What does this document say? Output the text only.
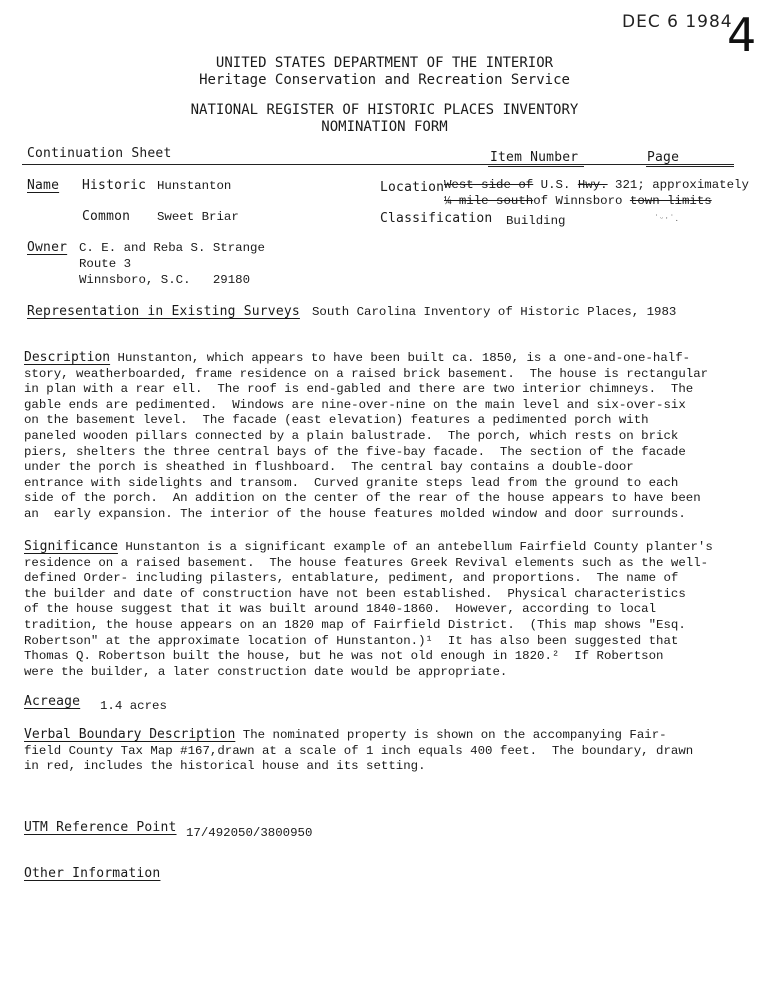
DEC 6 1984
4
UNITED STATES DEPARTMENT OF THE INTERIOR
Heritage Conservation and Recreation Service
NATIONAL REGISTER OF HISTORIC PLACES INVENTORY
NOMINATION FORM
Continuation Sheet	Item Number	Page
Name Historic Hunstanton
Common Sweet Briar
Location West side of U.S. Hwy. 321; approximately
¼ mile southof Winnsboro town limits
Classification Building	˙ ᵕ · ˙ .
Owner C. E. and Reba S. Strange
Route 3
Winnsboro, S.C.   29180
Representation in Existing Surveys South Carolina Inventory of Historic Places, 1983
Description Hunstanton, which appears to have been built ca. 1850, is a one-and-one-half-
story, weatherboarded, frame residence on a raised brick basement.  The house is rectangular
in plan with a rear ell.  The roof is end-gabled and there are two interior chimneys.  The
gable ends are pedimented.  Windows are nine-over-nine on the main level and six-over-six
on the basement level.  The facade (east elevation) features a pedimented porch with
paneled wooden pillars connected by a plain balustrade.  The porch, which rests on brick
piers, shelters the three central bays of the five-bay facade.  The section of the facade
under the porch is sheathed in flushboard.  The central bay contains a double-door
entrance with sidelights and transom.  Curved granite steps lead from the ground to each
side of the porch.  An addition on the center of the rear of the house appears to have been
an  early expansion. The interior of the house features molded window and door surrounds.
Significance Hunstanton is a significant example of an antebellum Fairfield County planter's
residence on a raised basement.  The house features Greek Revival elements such as the well-
defined Order- including pilasters, entablature, pediment, and proportions.  The name of
the builder and date of construction have not been established.  Physical characteristics
of the house suggest that it was built around 1840-1860.  However, according to local
tradition, the house appears on an 1820 map of Fairfield District.  (This map shows "Esq.
Robertson" at the approximate location of Hunstanton.)¹  It has also been suggested that
Thomas Q. Robertson built the house, but he was not old enough in 1820.²  If Robertson
were the builder, a later construction date would be appropriate.
Acreage 1.4 acres
Verbal Boundary Description The nominated property is shown on the accompanying Fair-
field County Tax Map #167,drawn at a scale of 1 inch equals 400 feet.  The boundary, drawn
in red, includes the historical house and its setting.
UTM Reference Point 17/492050/3800950
Other Information
